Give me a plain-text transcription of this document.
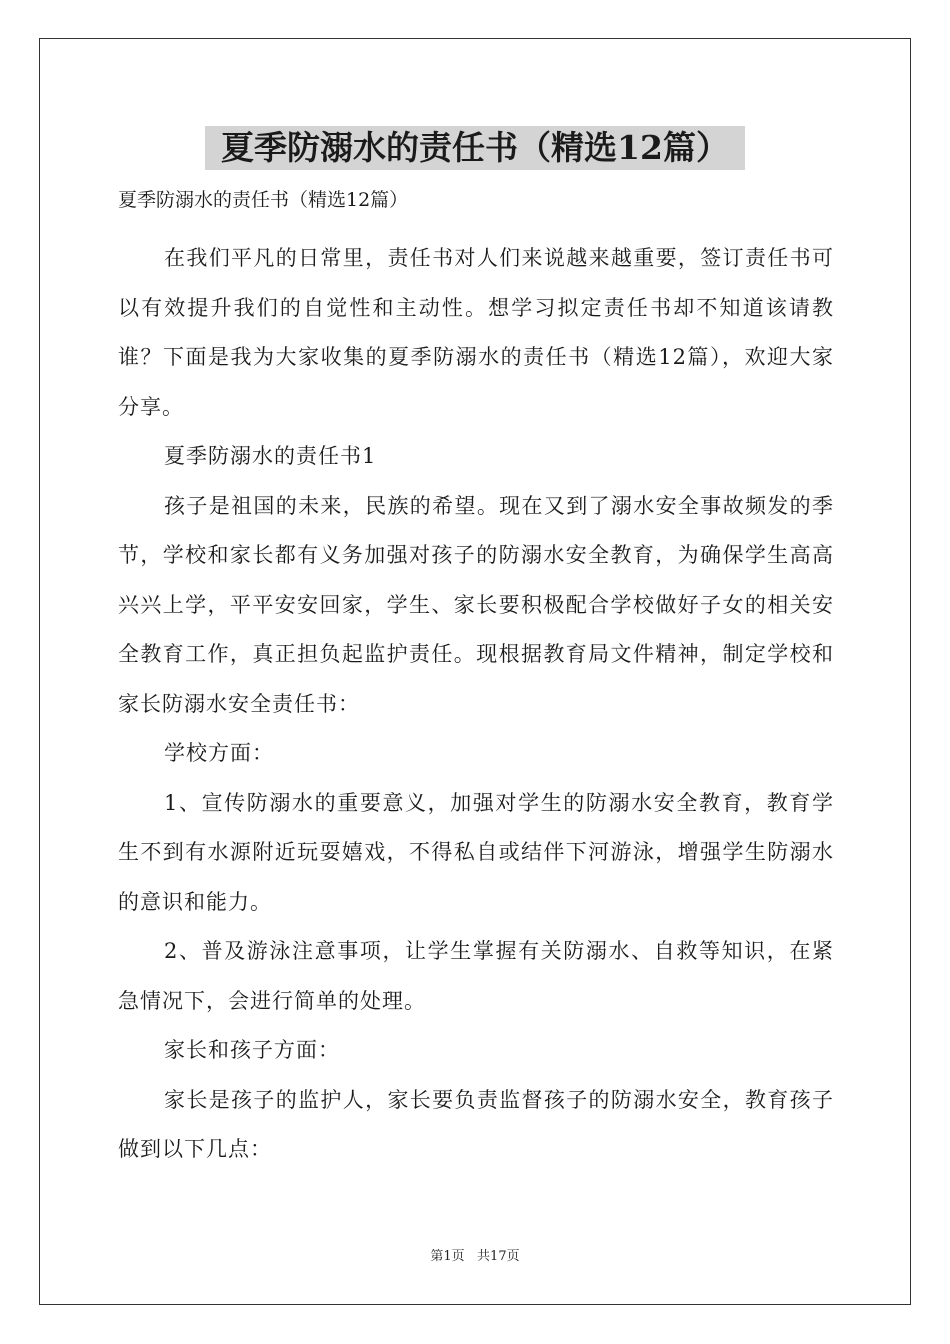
夏季防溺水的责任书（精选12篇）

夏季防溺水的责任书（精选12篇）

在我们平凡的日常里，责任书对人们来说越来越重要，签订责任书可以有效提升我们的自觉性和主动性。想学习拟定责任书却不知道该请教谁？下面是我为大家收集的夏季防溺水的责任书（精选12篇），欢迎大家分享。

夏季防溺水的责任书1

孩子是祖国的未来，民族的希望。现在又到了溺水安全事故频发的季节，学校和家长都有义务加强对孩子的防溺水安全教育，为确保学生高高兴兴上学，平平安安回家，学生、家长要积极配合学校做好子女的相关安全教育工作，真正担负起监护责任。现根据教育局文件精神，制定学校和家长防溺水安全责任书：

学校方面：

1、宣传防溺水的重要意义，加强对学生的防溺水安全教育，教育学生不到有水源附近玩耍嬉戏，不得私自或结伴下河游泳，增强学生防溺水的意识和能力。

2、普及游泳注意事项，让学生掌握有关防溺水、自救等知识，在紧急情况下，会进行简单的处理。

家长和孩子方面：

家长是孩子的监护人，家长要负责监督孩子的防溺水安全，教育孩子做到以下几点：

第1页   共17页
